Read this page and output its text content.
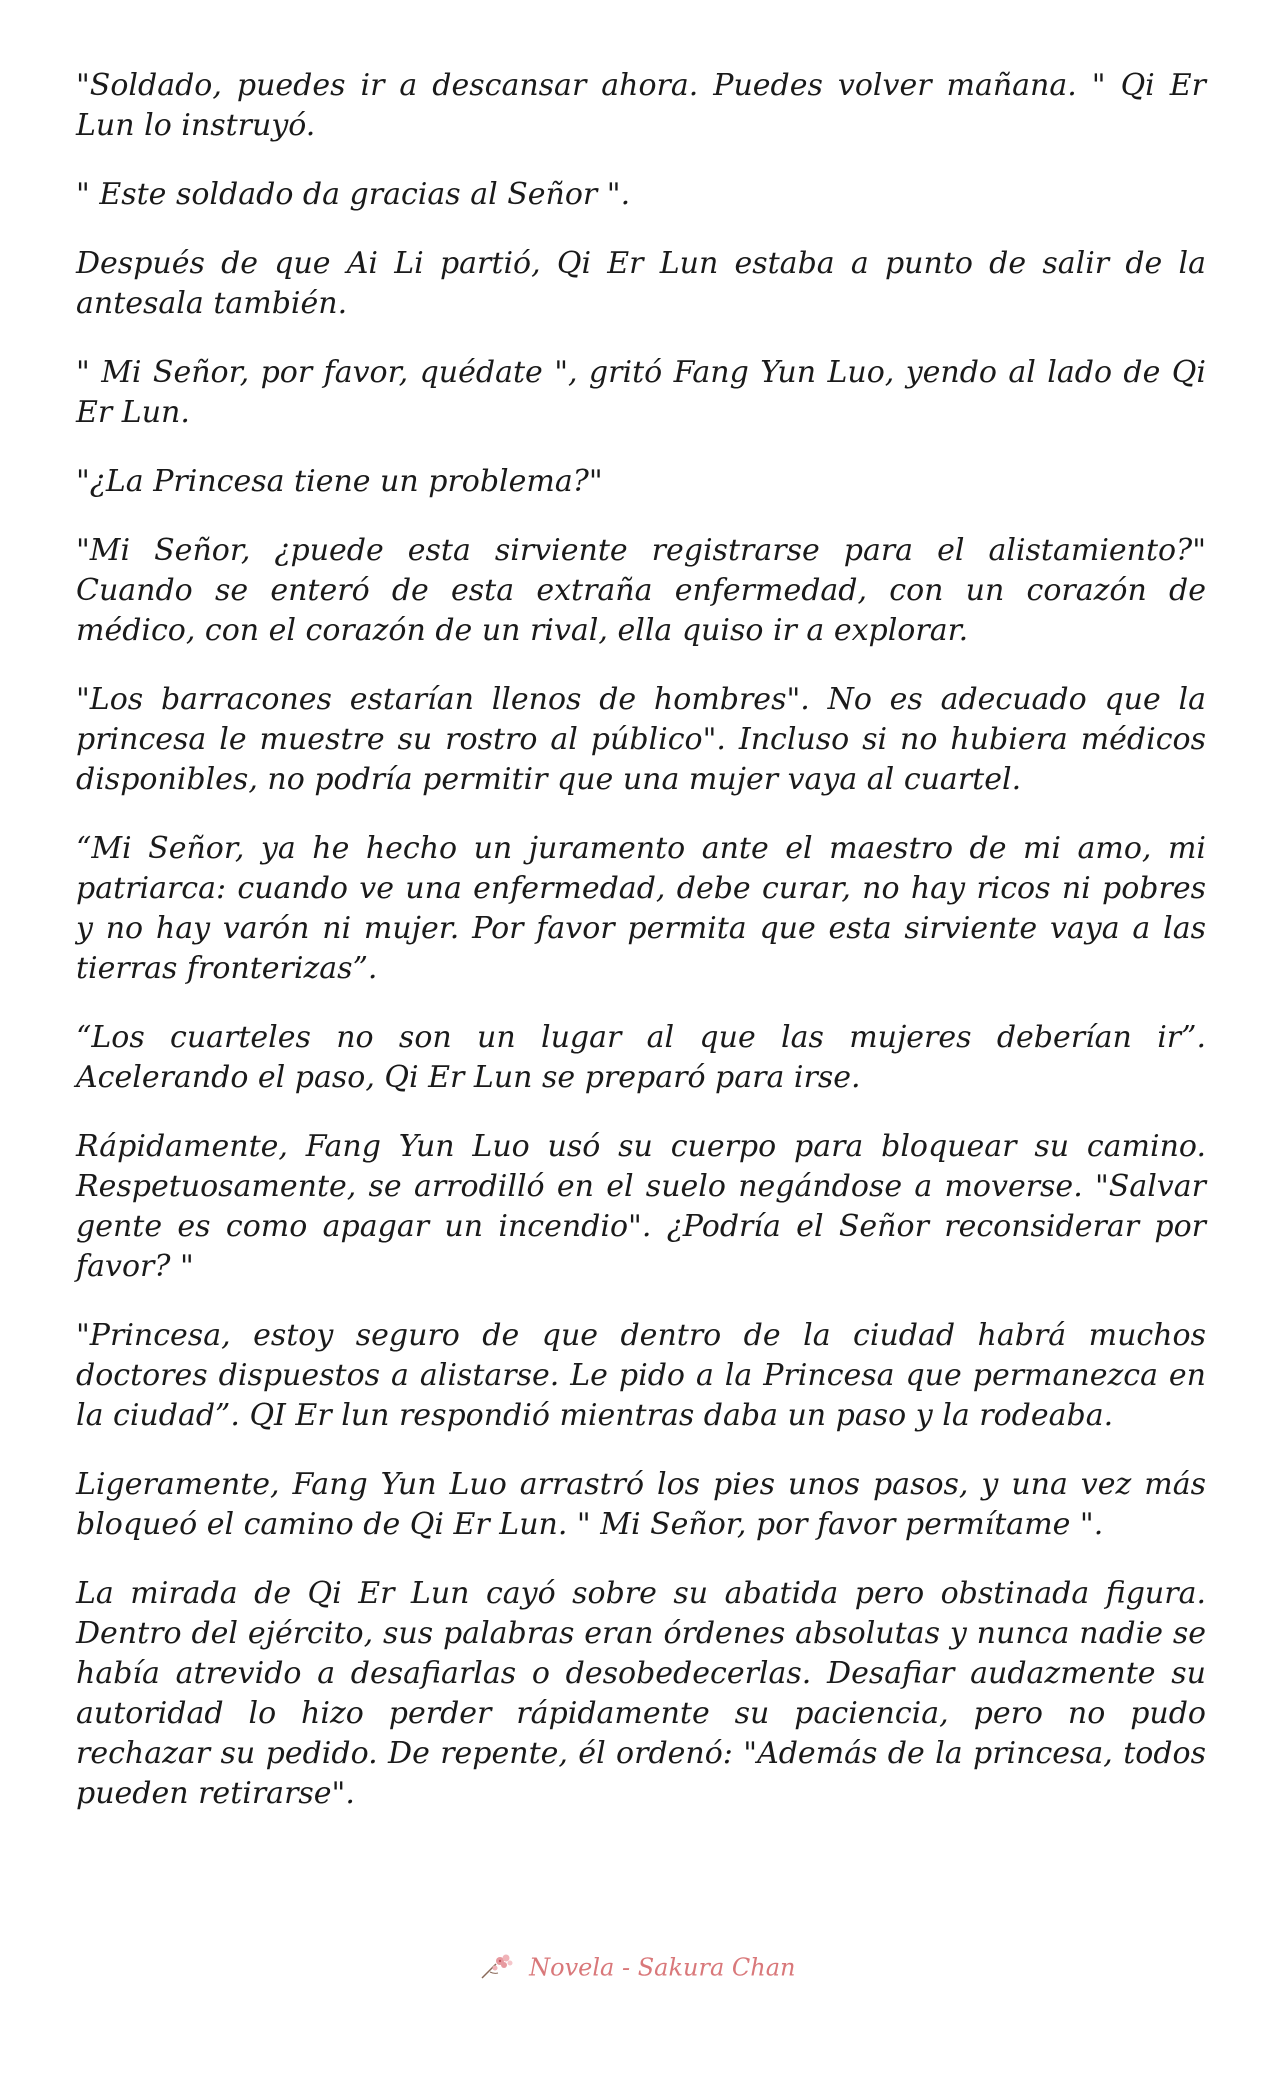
"Soldado, puedes ir a descansar ahora. Puedes volver mañana. " Qi Er Lun lo instruyó.

" Este soldado da gracias al Señor ".

Después de que Ai Li partió, Qi Er Lun estaba a punto de salir de la antesala también.

" Mi Señor, por favor, quédate ", gritó Fang Yun Luo, yendo al lado de Qi Er Lun.

"¿La Princesa tiene un problema?"

"Mi Señor, ¿puede esta sirviente registrarse para el alistamiento?" Cuando se enteró de esta extraña enfermedad, con un corazón de médico, con el corazón de un rival, ella quiso ir a explorar.

"Los barracones estarían llenos de hombres". No es adecuado que la princesa le muestre su rostro al público". Incluso si no hubiera médicos disponibles, no podría permitir que una mujer vaya al cuartel.

“Mi Señor, ya he hecho un juramento ante el maestro de mi amo, mi patriarca: cuando ve una enfermedad, debe curar, no hay ricos ni pobres y no hay varón ni mujer. Por favor permita que esta sirviente vaya a las tierras fronterizas”.

“Los cuarteles no son un lugar al que las mujeres deberían ir”. Acelerando el paso, Qi Er Lun se preparó para irse.

Rápidamente, Fang Yun Luo usó su cuerpo para bloquear su camino. Respetuosamente, se arrodilló en el suelo negándose a moverse. "Salvar gente es como apagar un incendio". ¿Podría el Señor reconsiderar por favor? "

"Princesa, estoy seguro de que dentro de la ciudad habrá muchos doctores dispuestos a alistarse. Le pido a la Princesa que permanezca en la ciudad”. QI Er lun respondió mientras daba un paso y la rodeaba.

Ligeramente, Fang Yun Luo arrastró los pies unos pasos, y una vez más bloqueó el camino de Qi Er Lun. " Mi Señor, por favor permítame ".

La mirada de Qi Er Lun cayó sobre su abatida pero obstinada figura. Dentro del ejército, sus palabras eran órdenes absolutas y nunca nadie se había atrevido a desafiarlas o desobedecerlas. Desafiar audazmente su autoridad lo hizo perder rápidamente su paciencia, pero no pudo rechazar su pedido. De repente, él ordenó: "Además de la princesa, todos pueden retirarse".

Novela - Sakura Chan
